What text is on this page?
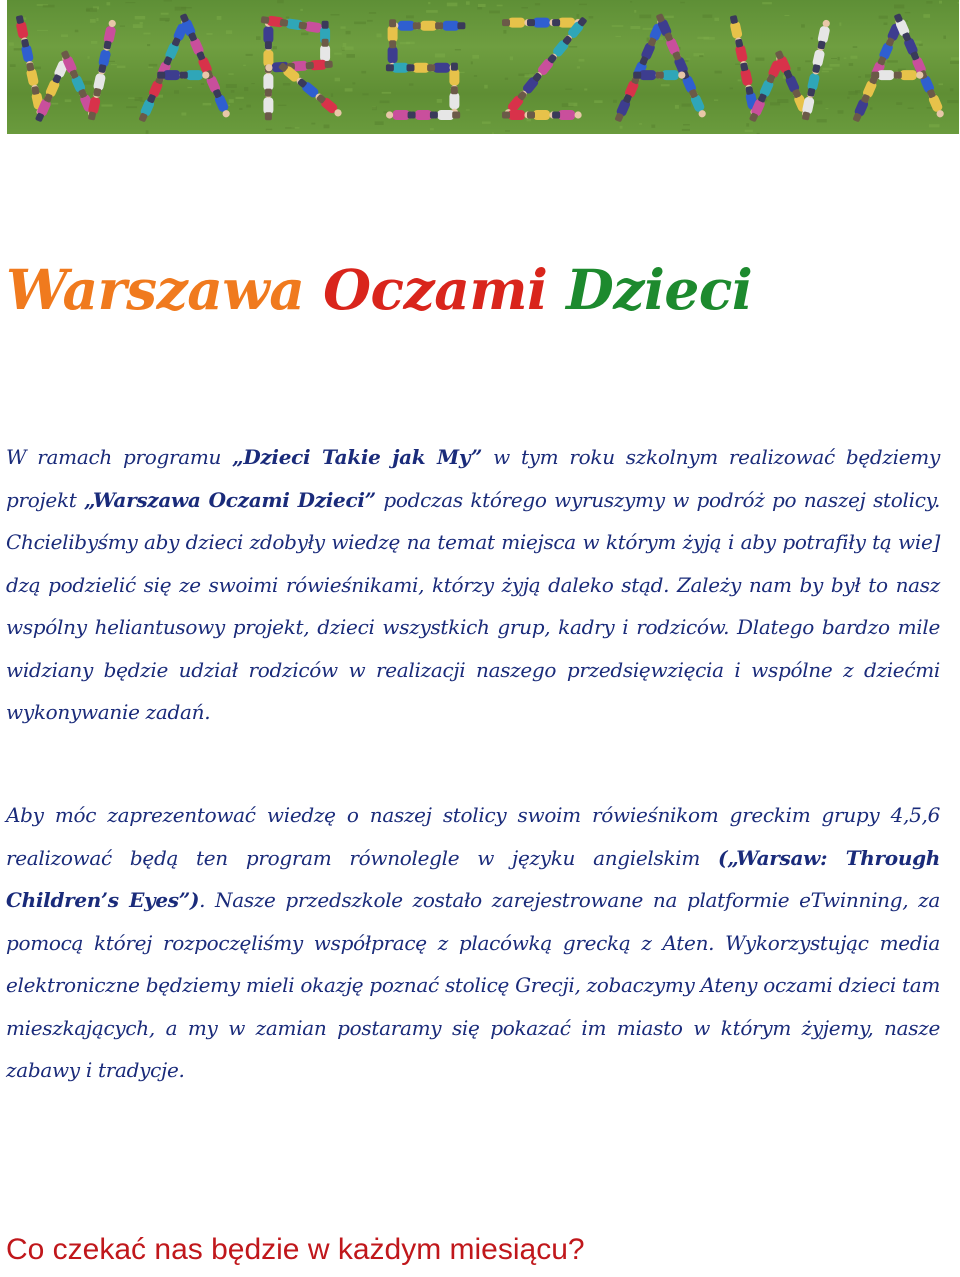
Warszawa Oczami Dzieci

W ramach programu „Dzieci Takie jak My” w tym roku szkolnym realizować będziemy projekt „Warszawa Oczami Dzieci” podczas którego wyruszymy w podróż po naszej stolicy. Chcielibyśmy aby dzieci zdobyły wiedzę na temat miejsca w którym żyją i aby potrafiły tą wie] dzą podzielić się ze swoimi rówieśnikami, którzy żyją daleko stąd. Zależy nam by był to nasz wspólny heliantusowy projekt, dzieci wszystkich grup, kadry i rodziców. Dlatego bardzo mile widziany będzie udział rodziców w realizacji naszego przedsięwzięcia i wspólne z dziećmi wykonywanie zadań.

Aby móc zaprezentować wiedzę o naszej stolicy swoim rówieśnikom greckim grupy 4,5,6 realizować będą ten program równolegle w języku angielskim („Warsaw: Through Children’s Eyes”). Nasze przedszkole zostało zarejestrowane na platformie eTwinning, za pomocą której rozpoczęliśmy współpracę z placówką grecką z Aten. Wykorzystując media elektroniczne będziemy mieli okazję poznać stolicę Grecji, zobaczymy Ateny oczami dzieci tam mieszkających, a my w zamian postaramy się pokazać im miasto w którym żyjemy, nasze zabawy i tradycje.

Co czekać nas będzie w każdym miesiącu?
